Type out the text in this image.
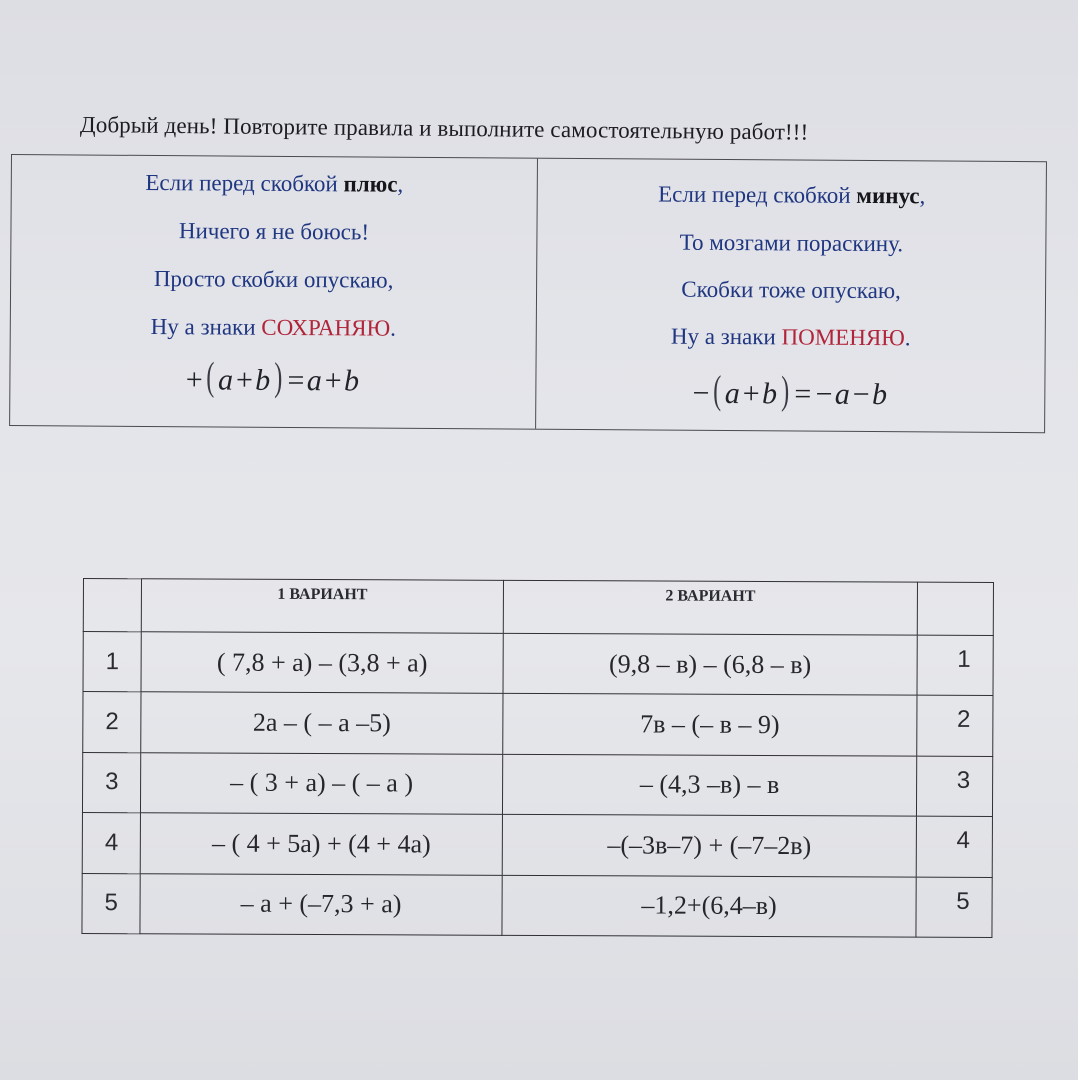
Добрый день! Повторите правила и выполните самостоятельную работ!!!
Если перед скобкой плюс,
Ничего я не боюсь!
Просто скобки опускаю,
Ну а знаки СОХРАНЯЮ.
+(a+b)=a+b
Если перед скобкой минус,
То мозгами пораскину.
Скобки тоже опускаю,
Ну а знаки ПОМЕНЯЮ.
−(a+b)=−a−b
	1 ВАРИАНТ	2 ВАРИАНТ	
1	( 7,8 + а) – (3,8 + а)	(9,8 – в) – (6,8 – в)	1
2	2а – ( – а –5)	7в – (– в – 9)	2
3	– ( 3 + а) – ( – а )	– (4,3 –в) – в	3
4	– ( 4 + 5а) + (4 + 4а)	–(–3в–7) + (–7–2в)	4
5	– а + (–7,3 + а)	–1,2+(6,4–в)	5
